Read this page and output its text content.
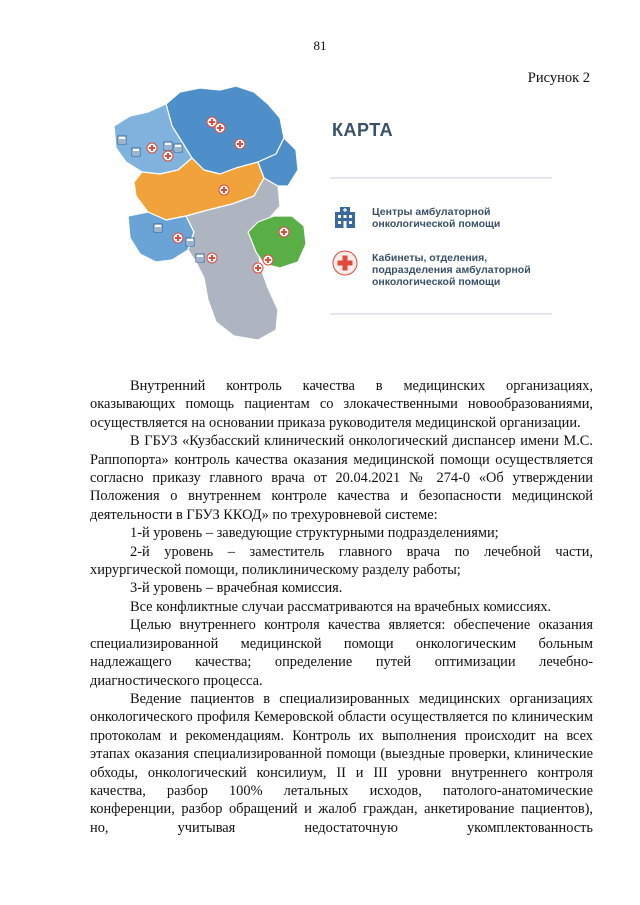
81
Рисунок 2
КАРТА
Центры амбулаторной онкологической помощи
Кабинеты, отделения, подразделения амбулаторной онкологической помощи

Внутренний контроль качества в медицинских организациях, оказывающих помощь пациентам со злокачественными новообразованиями, осуществляется на основании приказа руководителя медицинской организации.

В ГБУЗ «Кузбасский клинический онкологический диспансер имени М.С. Раппопорта» контроль качества оказания медицинской помощи осуществляется согласно приказу главного врача от 20.04.2021 № 274-0 «Об утверждении Положения о внутреннем контроле качества и безопасности медицинской деятельности в ГБУЗ ККОД» по трехуровневой системе:

1-й уровень – заведующие структурными подразделениями;

2-й уровень – заместитель главного врача по лечебной части, хирургической помощи, поликлиническому разделу работы;

3-й уровень – врачебная комиссия.

Все конфликтные случаи рассматриваются на врачебных комиссиях.

Целью внутреннего контроля качества является: обеспечение оказания специализированной медицинской помощи онкологическим больным надлежащего качества; определение путей оптимизации лечебно-диагностического процесса.

Ведение пациентов в специализированных медицинских организациях онкологического профиля Кемеровской области осуществляется по клиническим протоколам и рекомендациям. Контроль их выполнения происходит на всех этапах оказания специализированной помощи (выездные проверки, клинические обходы, онкологический консилиум, II и III уровни внутреннего контроля качества, разбор 100% летальных исходов, патолого-анатомические конференции, разбор обращений и жалоб граждан, анкетирование пациентов), но, учитывая недостаточную укомплектованность
